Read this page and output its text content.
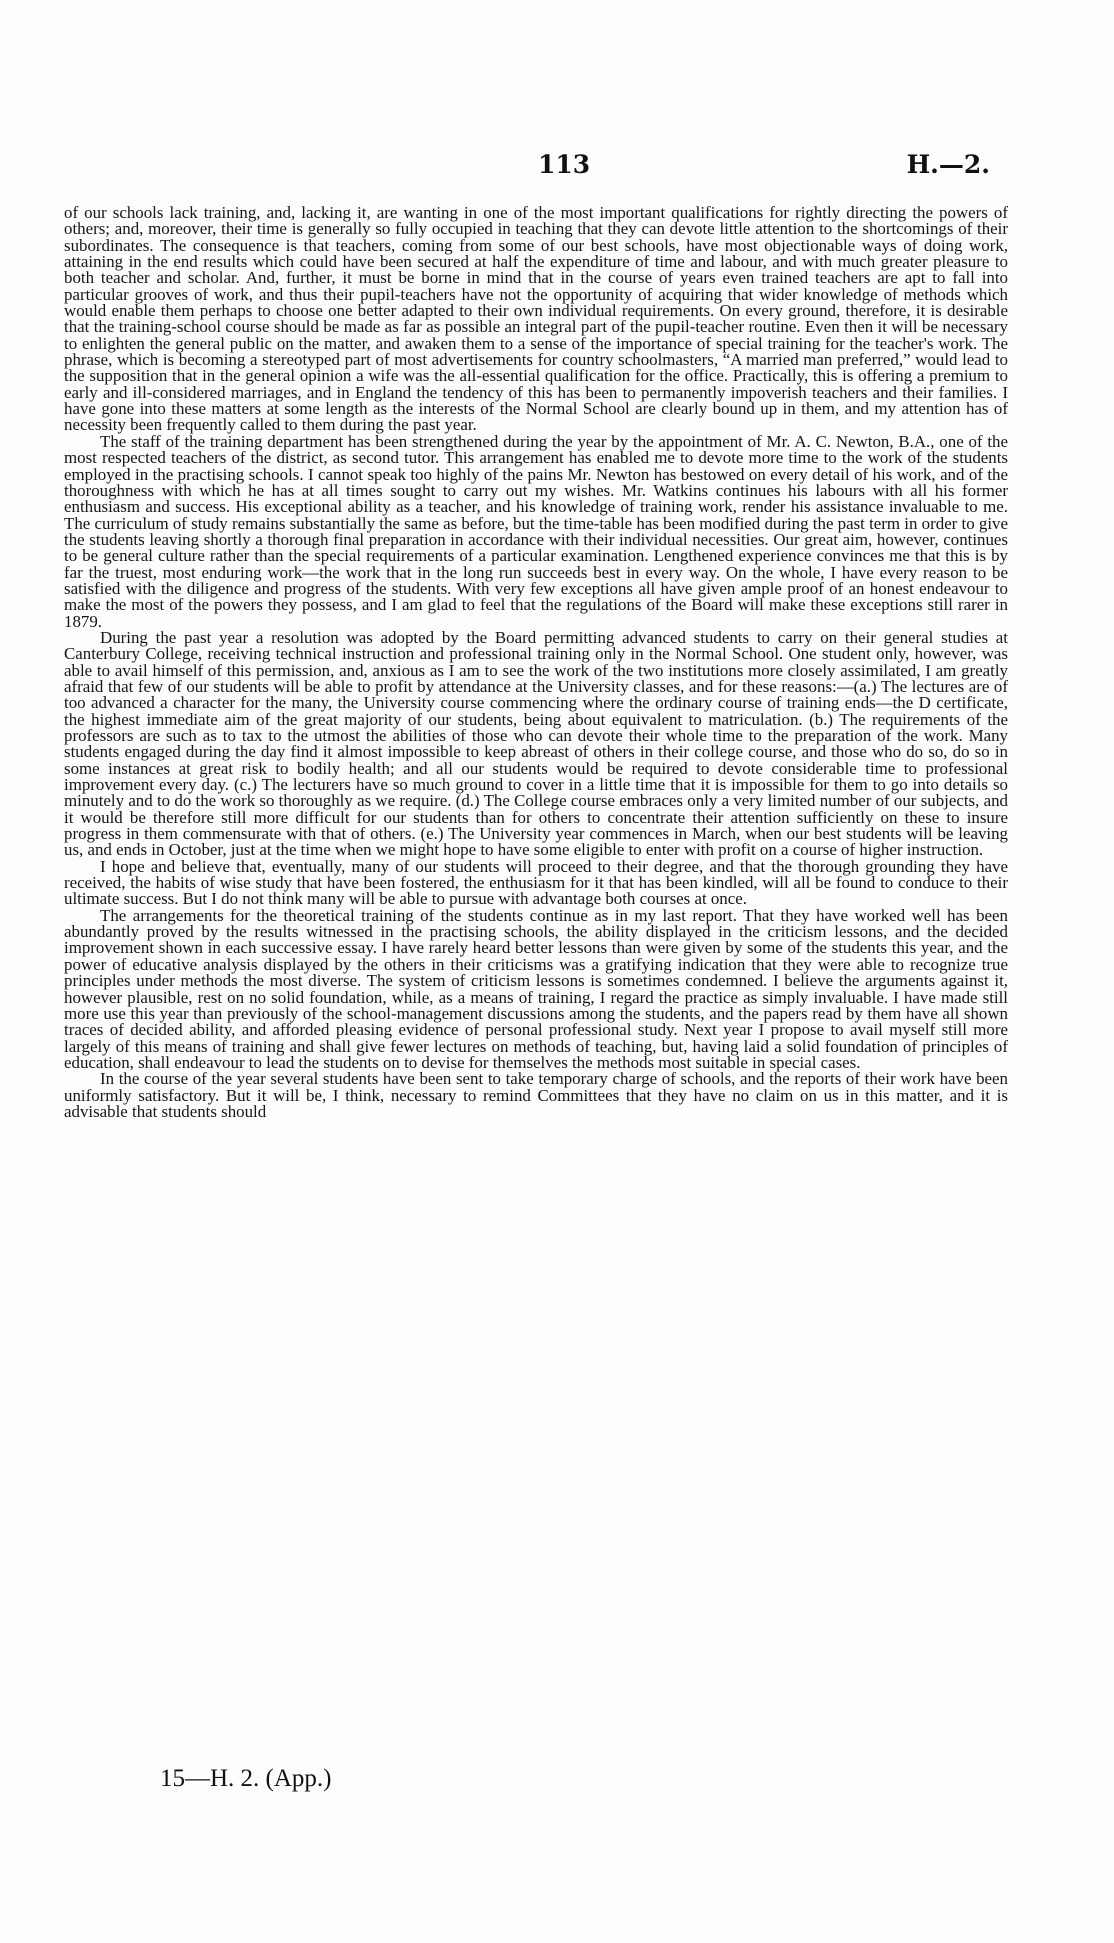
113	H.—2.

of our schools lack training, and, lacking it, are wanting in one of the most important qualifications for rightly directing the powers of others; and, moreover, their time is generally so fully occupied in teaching that they can devote little attention to the shortcomings of their subordinates. The consequence is that teachers, coming from some of our best schools, have most objectionable ways of doing work, attaining in the end results which could have been secured at half the expenditure of time and labour, and with much greater pleasure to both teacher and scholar. And, further, it must be borne in mind that in the course of years even trained teachers are apt to fall into particular grooves of work, and thus their pupil-teachers have not the opportunity of acquiring that wider knowledge of methods which would enable them perhaps to choose one better adapted to their own individual requirements. On every ground, therefore, it is desirable that the training-school course should be made as far as possible an integral part of the pupil-teacher routine. Even then it will be necessary to enlighten the general public on the matter, and awaken them to a sense of the importance of special training for the teacher's work. The phrase, which is becoming a stereotyped part of most advertisements for country schoolmasters, “A married man preferred,” would lead to the supposition that in the general opinion a wife was the all-essential qualification for the office. Practically, this is offering a premium to early and ill-considered marriages, and in England the tendency of this has been to permanently impoverish teachers and their families. I have gone into these matters at some length as the interests of the Normal School are clearly bound up in them, and my attention has of necessity been frequently called to them during the past year.

The staff of the training department has been strengthened during the year by the appointment of Mr. A. C. Newton, B.A., one of the most respected teachers of the district, as second tutor. This arrangement has enabled me to devote more time to the work of the students employed in the practising schools. I cannot speak too highly of the pains Mr. Newton has bestowed on every detail of his work, and of the thoroughness with which he has at all times sought to carry out my wishes. Mr. Watkins continues his labours with all his former enthusiasm and success. His exceptional ability as a teacher, and his knowledge of training work, render his assistance invaluable to me. The curriculum of study remains substantially the same as before, but the time-table has been modified during the past term in order to give the students leaving shortly a thorough final preparation in accordance with their individual necessities. Our great aim, however, continues to be general culture rather than the special requirements of a particular examination. Lengthened experience convinces me that this is by far the truest, most enduring work—the work that in the long run succeeds best in every way. On the whole, I have every reason to be satisfied with the diligence and progress of the students. With very few exceptions all have given ample proof of an honest endeavour to make the most of the powers they possess, and I am glad to feel that the regulations of the Board will make these exceptions still rarer in 1879.

During the past year a resolution was adopted by the Board permitting advanced students to carry on their general studies at Canterbury College, receiving technical instruction and professional training only in the Normal School. One student only, however, was able to avail himself of this permission, and, anxious as I am to see the work of the two institutions more closely assimilated, I am greatly afraid that few of our students will be able to profit by attendance at the University classes, and for these reasons:—(a.) The lectures are of too advanced a character for the many, the University course commencing where the ordinary course of training ends—the D certificate, the highest immediate aim of the great majority of our students, being about equivalent to matriculation. (b.) The requirements of the professors are such as to tax to the utmost the abilities of those who can devote their whole time to the preparation of the work. Many students engaged during the day find it almost impossible to keep abreast of others in their college course, and those who do so, do so in some instances at great risk to bodily health; and all our students would be required to devote considerable time to professional improvement every day. (c.) The lecturers have so much ground to cover in a little time that it is impossible for them to go into details so minutely and to do the work so thoroughly as we require. (d.) The College course embraces only a very limited number of our subjects, and it would be therefore still more difficult for our students than for others to concentrate their attention sufficiently on these to insure progress in them commensurate with that of others. (e.) The University year commences in March, when our best students will be leaving us, and ends in October, just at the time when we might hope to have some eligible to enter with profit on a course of higher instruction.

I hope and believe that, eventually, many of our students will proceed to their degree, and that the thorough grounding they have received, the habits of wise study that have been fostered, the enthusiasm for it that has been kindled, will all be found to conduce to their ultimate success. But I do not think many will be able to pursue with advantage both courses at once.

The arrangements for the theoretical training of the students continue as in my last report. That they have worked well has been abundantly proved by the results witnessed in the practising schools, the ability displayed in the criticism lessons, and the decided improvement shown in each successive essay. I have rarely heard better lessons than were given by some of the students this year, and the power of educative analysis displayed by the others in their criticisms was a gratifying indication that they were able to recognize true principles under methods the most diverse. The system of criticism lessons is sometimes condemned. I believe the arguments against it, however plausible, rest on no solid foundation, while, as a means of training, I regard the practice as simply invaluable. I have made still more use this year than previously of the school-management discussions among the students, and the papers read by them have all shown traces of decided ability, and afforded pleasing evidence of personal professional study. Next year I propose to avail myself still more largely of this means of training and shall give fewer lectures on methods of teaching, but, having laid a solid foundation of principles of education, shall endeavour to lead the students on to devise for themselves the methods most suitable in special cases.

In the course of the year several students have been sent to take temporary charge of schools, and the reports of their work have been uniformly satisfactory. But it will be, I think, necessary to remind Committees that they have no claim on us in this matter, and it is advisable that students should

15—H. 2. (App.)
